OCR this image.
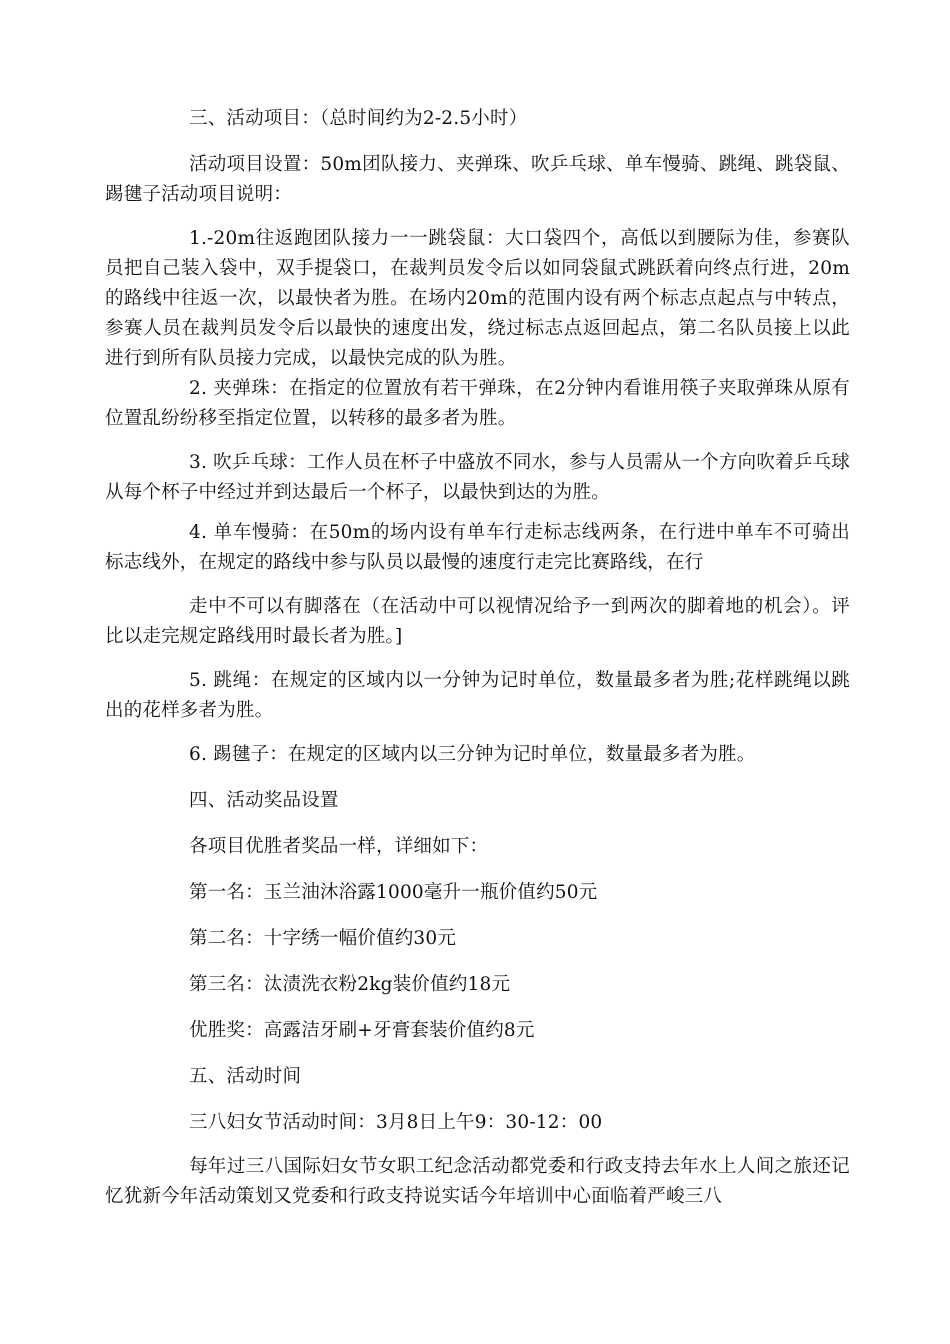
三、活动项目：（总时间约为2-2.5小时）

活动项目设置：50m团队接力、夹弹珠、吹乒乓球、单车慢骑、跳绳、跳袋鼠、踢毽子活动项目说明：

1.-20m往返跑团队接力一一跳袋鼠：大口袋四个，高低以到腰际为佳，参赛队员把自己装入袋中，双手提袋口，在裁判员发令后以如同袋鼠式跳跃着向终点行进，20m的路线中往返一次，以最快者为胜。在场内20m的范围内设有两个标志点起点与中转点，参赛人员在裁判员发令后以最快的速度出发，绕过标志点返回起点，第二名队员接上以此进行到所有队员接力完成，以最快完成的队为胜。

2. 夹弹珠：在指定的位置放有若干弹珠，在2分钟内看谁用筷子夹取弹珠从原有位置乱纷纷移至指定位置，以转移的最多者为胜。

3. 吹乒乓球：工作人员在杯子中盛放不同水，参与人员需从一个方向吹着乒乓球从每个杯子中经过并到达最后一个杯子，以最快到达的为胜。

4. 单车慢骑：在50m的场内设有单车行走标志线两条，在行进中单车不可骑出标志线外，在规定的路线中参与队员以最慢的速度行走完比赛路线，在行

走中不可以有脚落在（在活动中可以视情况给予一到两次的脚着地的机会）。评比以走完规定路线用时最长者为胜。]

5. 跳绳：在规定的区域内以一分钟为记时单位，数量最多者为胜;花样跳绳以跳出的花样多者为胜。

6. 踢毽子：在规定的区域内以三分钟为记时单位，数量最多者为胜。

四、活动奖品设置

各项目优胜者奖品一样，详细如下：

第一名：玉兰油沐浴露1000毫升一瓶价值约50元

第二名：十字绣一幅价值约30元

第三名：汰渍洗衣粉2kg装价值约18元

优胜奖：高露洁牙刷+牙膏套装价值约8元

五、活动时间

三八妇女节活动时间：3月8日上午9：30-12：00

每年过三八国际妇女节女职工纪念活动都党委和行政支持去年水上人间之旅还记忆犹新今年活动策划又党委和行政支持说实话今年培训中心面临着严峻三八
